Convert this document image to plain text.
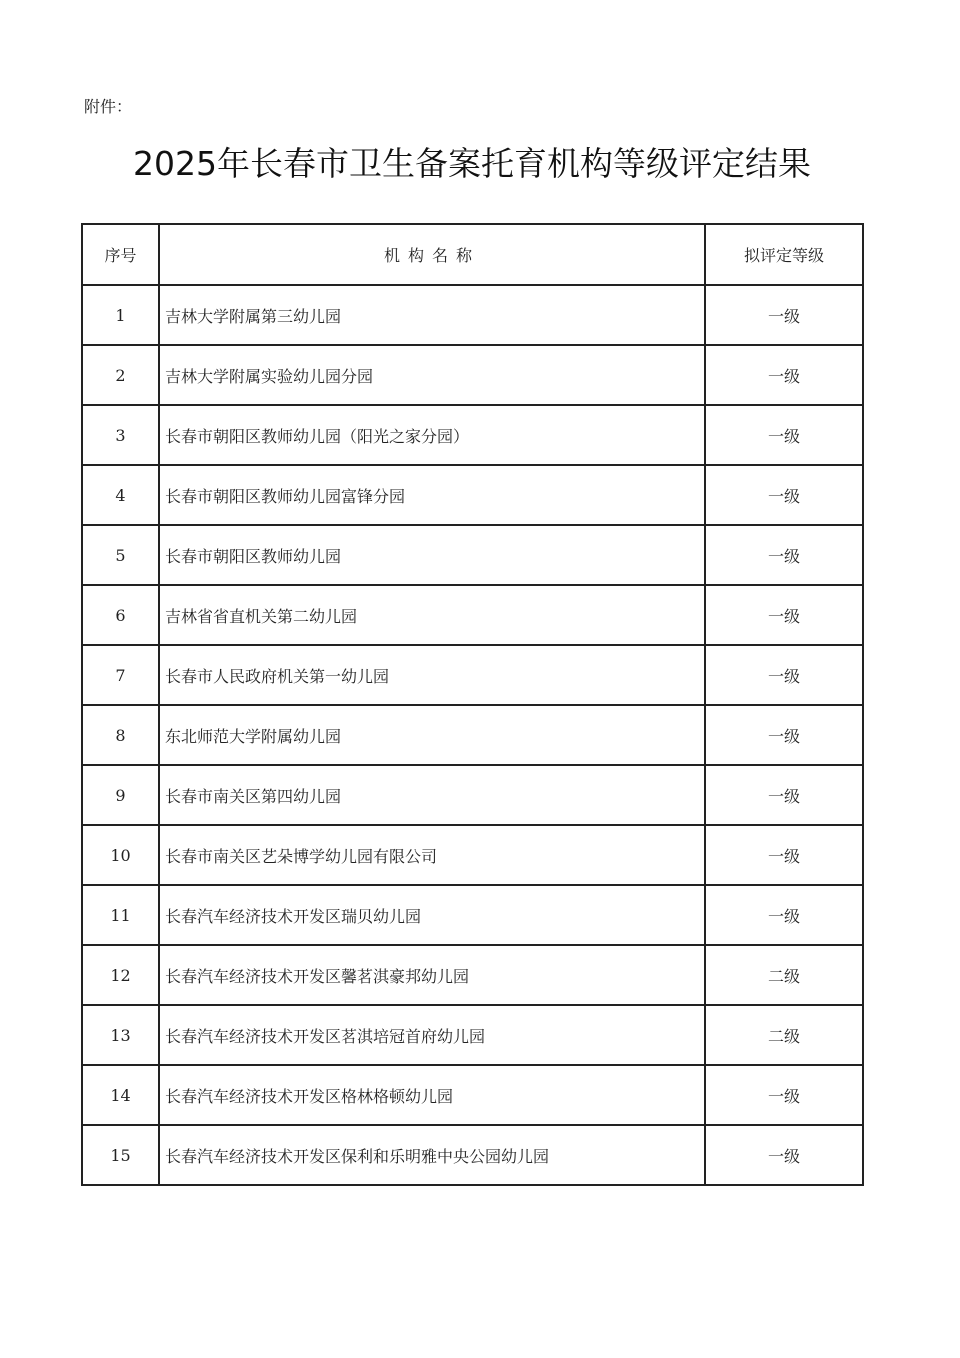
附件：
2025年长春市卫生备案托育机构等级评定结果
序号	机构名称	拟评定等级
1	吉林大学附属第三幼儿园	一级
2	吉林大学附属实验幼儿园分园	一级
3	长春市朝阳区教师幼儿园（阳光之家分园）	一级
4	长春市朝阳区教师幼儿园富锋分园	一级
5	长春市朝阳区教师幼儿园	一级
6	吉林省省直机关第二幼儿园	一级
7	长春市人民政府机关第一幼儿园	一级
8	东北师范大学附属幼儿园	一级
9	长春市南关区第四幼儿园	一级
10	长春市南关区艺朵博学幼儿园有限公司	一级
11	长春汽车经济技术开发区瑞贝幼儿园	一级
12	长春汽车经济技术开发区馨茗淇豪邦幼儿园	二级
13	长春汽车经济技术开发区茗淇培冠首府幼儿园	二级
14	长春汽车经济技术开发区格林格顿幼儿园	一级
15	长春汽车经济技术开发区保利和乐明雅中央公园幼儿园	一级
